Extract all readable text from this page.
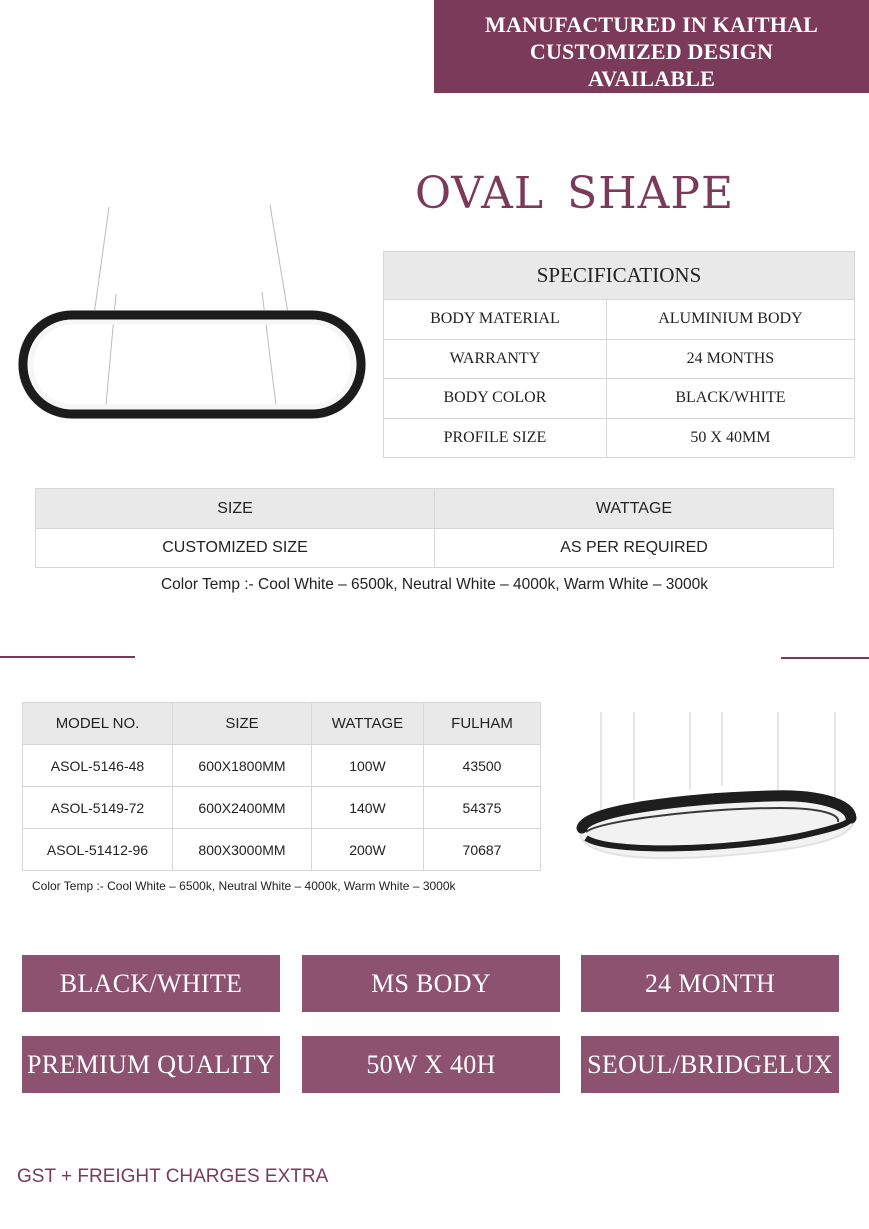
MANUFACTURED IN KAITHAL
CUSTOMIZED DESIGN
AVAILABLE
OVAL SHAPE
SPECIFICATIONS	
BODY MATERIAL	ALUMINIUM BODY
WARRANTY	24 MONTHS
BODY COLOR	BLACK/WHITE
PROFILE SIZE	50 X 40MM
SIZE	WATTAGE
CUSTOMIZED SIZE	AS PER REQUIRED
Color Temp :- Cool White – 6500k, Neutral White – 4000k, Warm White – 3000k
MODEL NO.	SIZE	WATTAGE	FULHAM
ASOL-5146-48	600X1800MM	100W	43500
ASOL-5149-72	600X2400MM	140W	54375
ASOL-51412-96	800X3000MM	200W	70687
Color Temp :- Cool White – 6500k, Neutral White – 4000k, Warm White – 3000k
BLACK/WHITE	MS BODY	24 MONTH
PREMIUM QUALITY	50W X 40H	SEOUL/BRIDGELUX
GST + FREIGHT CHARGES EXTRA
